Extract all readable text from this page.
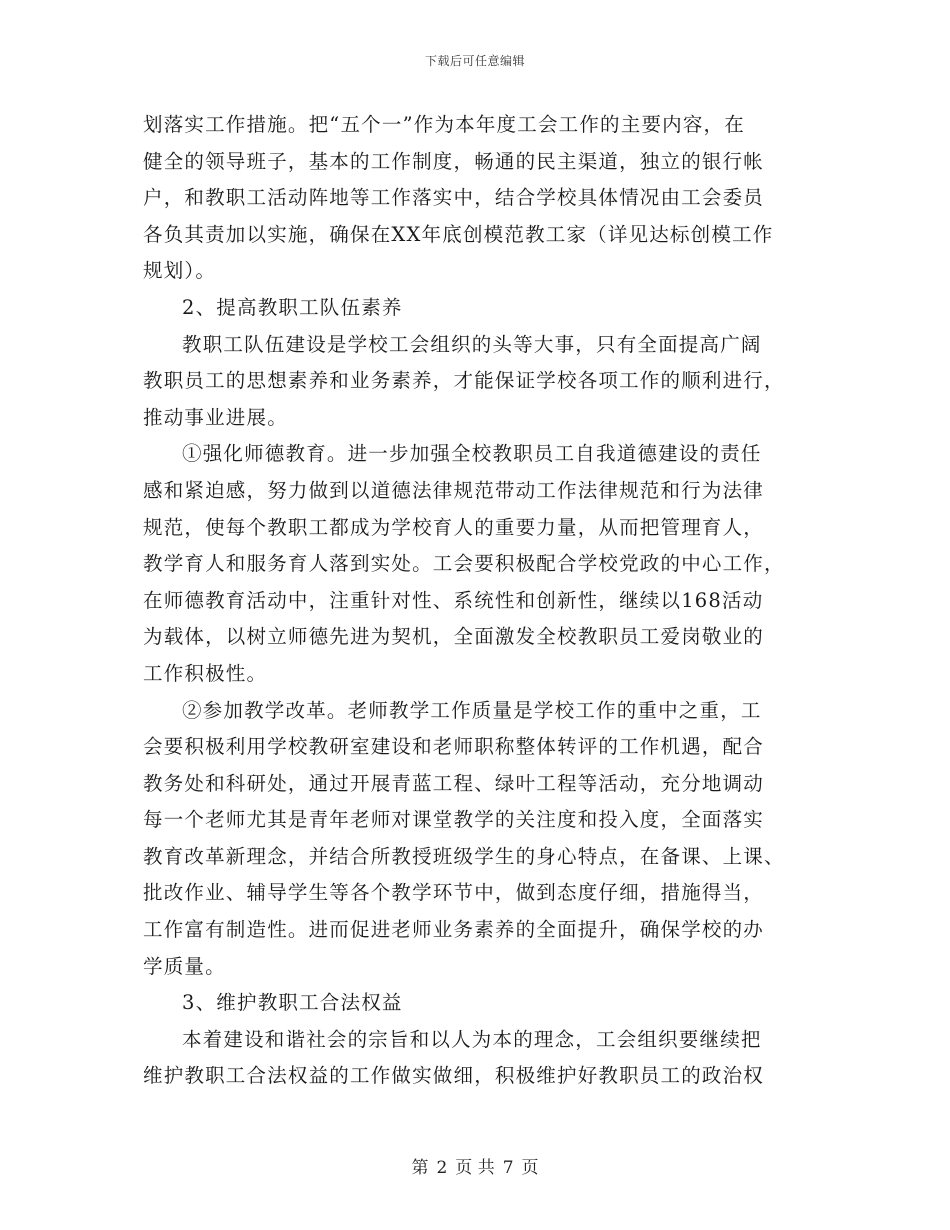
下载后可任意编辑
划落实工作措施。把“五个一”作为本年度工会工作的主要内容，在
健全的领导班子，基本的工作制度，畅通的民主渠道，独立的银行帐
户，和教职工活动阵地等工作落实中，结合学校具体情况由工会委员
各负其责加以实施，确保在XX年底创模范教工家（详见达标创模工作
规划）。
2、提高教职工队伍素养
教职工队伍建设是学校工会组织的头等大事，只有全面提高广阔
教职员工的思想素养和业务素养，才能保证学校各项工作的顺利进行，
推动事业进展。
①强化师德教育。进一步加强全校教职员工自我道德建设的责任
感和紧迫感，努力做到以道德法律规范带动工作法律规范和行为法律
规范，使每个教职工都成为学校育人的重要力量，从而把管理育人，
教学育人和服务育人落到实处。工会要积极配合学校党政的中心工作，
在师德教育活动中，注重针对性、系统性和创新性，继续以168活动
为载体，以树立师德先进为契机，全面激发全校教职员工爱岗敬业的
工作积极性。
②参加教学改革。老师教学工作质量是学校工作的重中之重，工
会要积极利用学校教研室建设和老师职称整体转评的工作机遇，配合
教务处和科研处，通过开展青蓝工程、绿叶工程等活动，充分地调动
每一个老师尤其是青年老师对课堂教学的关注度和投入度，全面落实
教育改革新理念，并结合所教授班级学生的身心特点，在备课、上课、
批改作业、辅导学生等各个教学环节中，做到态度仔细，措施得当，
工作富有制造性。进而促进老师业务素养的全面提升，确保学校的办
学质量。
3、维护教职工合法权益
本着建设和谐社会的宗旨和以人为本的理念，工会组织要继续把
维护教职工合法权益的工作做实做细，积极维护好教职员工的政治权
第 2 页 共 7 页
